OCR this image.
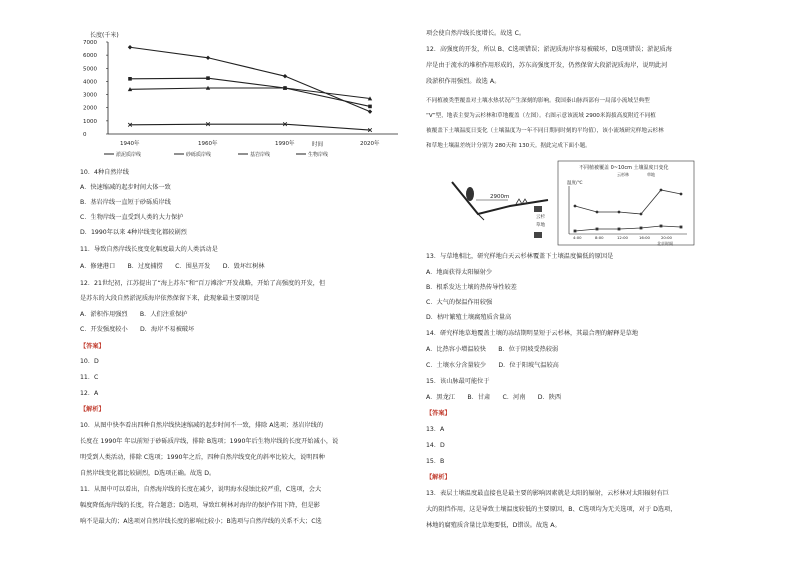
长度(千米)
7000
6000
5000
4000
3000
2000
1000
0
1940年	1960年	1990年	2020年
时间
淤泥质岸线	砂砾质岸线	基岩岸线	生物岸线
10．4种自然岸线
A．快速缩减的起步时间大体一致
B．基岩岸线一直短于砂砾质岸线
C．生物岸线一直受到人类的大力保护
D．1990年以来 4种岸线变化都较剧烈
11．导致自然岸线长度变化幅度最大的人类活动是
A．修建港口　　B．过度捕捞　　C．围垦开发　　D．毁坏红树林
12．21世纪初，江苏提出了“海上苏东”和“百万滩涂”开发战略，开始了高强度的开发，但
是苏东的大段自然淤泥质海岸依然保留下来，此现象最主要原因是
A．淤积作用强烈　　B．人们注重保护
C．开发强度较小　　D．海岸不易被破坏
【答案】
10．D
11．C
12．A
【解析】
10．从图中快李看出四种自然岸线快速缩减的起步时间不一致，排除 A选项；基岩岸线的
长度在 1990年 年以前短于砂砾质岸线，排除 B选项；1990年后生物岸线的长度开始减小，说
明受到人类活动，排除 C选项；1990年之后，四种自然岸线变化的斜率比较大，说明四种
自然岸线变化都比较剧烈，D选项正确。故选 D。
11．从图中可以看出，自然海岸线的长度在减少，说明海水侵蚀比较严重，C选项，会大
幅度降低海岸线的长度，符合题意；D选项，导致红树林对海岸的保护作用下降，但是影
响不是最大的；A选项对自然岸线长度的影响比较小；B选项与自然岸线的关系不大；C选
项会使自然岸线长度增长。故选 C。
12．高强度的开发，所以 B、C选项错误；淤泥质海岸容易被破坏，D选项错误；淤泥质海
岸是由于流水的堆积作用形成的，苏东高强度开发，仍然保留大段淤泥质海岸，说明此河
段淤积作用强烈。故选 A。
不同植被类型覆盖对土壤水热状况产生深刻的影响。我国秦山脉西部有一局部小流域呈典型
“V”型，地表主要为云杉林和草地覆盖（左图）。右图示意该流域 2900米海拔高度附近不同植
被覆盖下土壤温度日变化（土壤温度为一年不同日期同时刻的平均值），该小流域研究样地云杉林
和草地土壤温差统计分别为 280天和 130天。据此完成下面小题。
2900m
云杉
草地
不同植被覆盖 0~10cm 土壤温度日变化
云杉林	草地
温度/℃
4:00	8:00	12:00	16:00	20:00
北京时间
13．与草地相比，研究样地白天云杉林覆盖下土壤温度偏低的原因是
A．地面获得太阳辐射少
B．根系发达土壤的热传导性较差
C．大气的保温作用较强
D．枯叶繁殖土壤腐殖质含量高
14．研究样地草地覆盖土壤的冻结期明显短于云杉林，其最合理的解释是草地
A．比热容小增温较快　　B．位于阴坡受热较弱
C．土壤水分含量较少　　D．位于阳坡气温较高
15．该山脉最可能位于
A．黑龙江　　B．甘肃　　C．河南　　D．陕西
【答案】
13．A
14．D
15．B
【解析】
13．表层土壤温度最直接也是最主要的影响因素就是太阳的辐射，云杉林对太阳辐射有巨
大的阻挡作用，这是导致土壤温度较低的主要原因，B、C选项均为无关选项，对于 D选项，
林地的腐殖质含量比草地要低，D错误。故选 A。
